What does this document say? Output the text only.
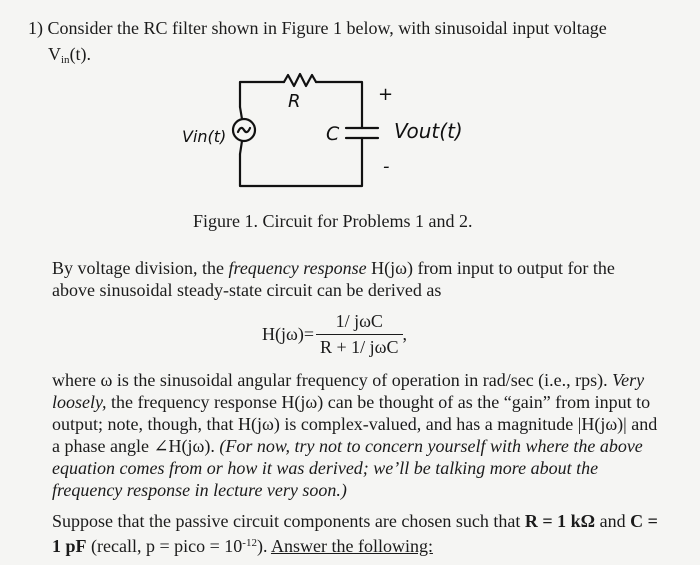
1) Consider the RC filter shown in Figure 1 below, with sinusoidal input voltage
$V_{in}(t)$.
R	+
C
-
Vin(t)	Vout(t)
Figure 1. Circuit for Problems 1 and 2.
By voltage division, the frequency response H(jω) from input to output for the above sinusoidal steady-state circuit can be derived as
$H(j\omega)= \frac{\text{1/ jωC}}{\text{R + 1/ jωC}}$ ,
where ω is the sinusoidal angular frequency of operation in rad/sec (i.e., rps). Very loosely, the frequency response H(jω) can be thought of as the “gain” from input to output; note, though, that H(jω) is complex-valued, and has a magnitude |H(jω)| and a phase angle ∠H(jω). (For now, try not to concern yourself with where the above equation comes from or how it was derived; we’ll be talking more about the frequency response in lecture very soon.)
Suppose that the passive circuit components are chosen such that R = 1 kΩ and C = 1 pF (recall, p = pico = $10^{-12}$). Answer the following:
